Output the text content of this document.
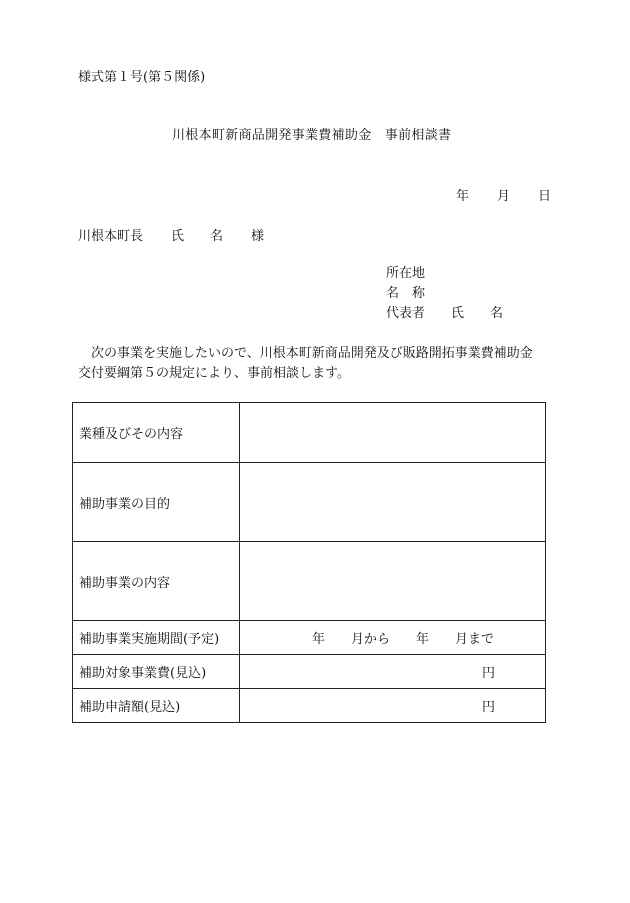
様式第１号(第５関係)
川根本町新商品開発事業費補助金　事前相談書
年 月 日
川根本町長 氏　　名 様
所在地
名　称
代表者　　氏　　名
　次の事業を実施したいので、川根本町新商品開発及び販路開拓事業費補助金
交付要綱第５の規定により、事前相談します。
業種及びその内容	
補助事業の目的	
補助事業の内容	
補助事業実施期間(予定)	年 月から 年 月まで
補助対象事業費(見込)	円
補助申請額(見込)	円
